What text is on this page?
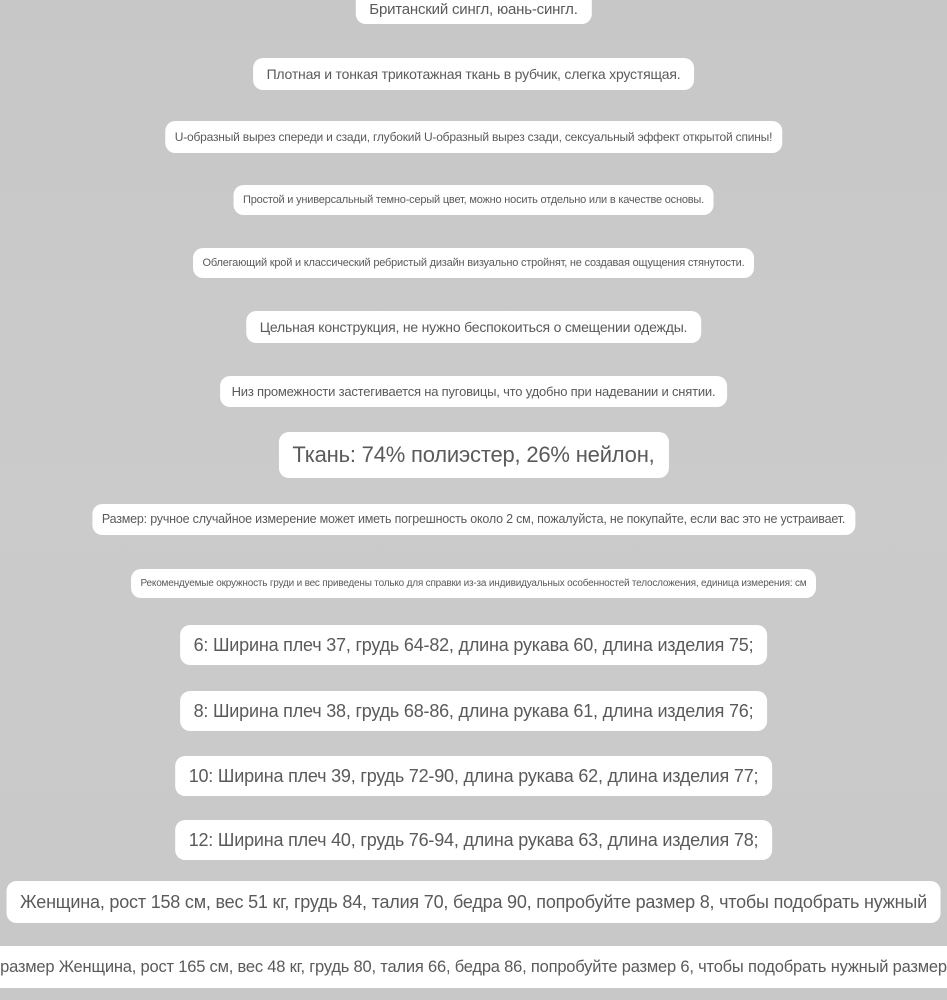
Британский сингл, юань-сингл.
Плотная и тонкая трикотажная ткань в рубчик, слегка хрустящая.
U-образный вырез спереди и сзади, глубокий U-образный вырез сзади, сексуальный эффект открытой спины!
Простой и универсальный темно-серый цвет, можно носить отдельно или в качестве основы.
Облегающий крой и классический ребристый дизайн визуально стройнят, не создавая ощущения стянутости.
Цельная конструкция, не нужно беспокоиться о смещении одежды.
Низ промежности застегивается на пуговицы, что удобно при надевании и снятии.
Ткань: 74% полиэстер, 26% нейлон,
Размер: ручное случайное измерение может иметь погрешность около 2 см, пожалуйста, не покупайте, если вас это не устраивает.
Рекомендуемые окружность груди и вес приведены только для справки из-за индивидуальных особенностей телосложения, единица измерения: см
6: Ширина плеч 37, грудь 64-82, длина рукава 60, длина изделия 75;
8: Ширина плеч 38, грудь 68-86, длина рукава 61, длина изделия 76;
10: Ширина плеч 39, грудь 72-90, длина рукава 62, длина изделия 77;
12: Ширина плеч 40, грудь 76-94, длина рукава 63, длина изделия 78;
Женщина, рост 158 см, вес 51 кг, грудь 84, талия 70, бедра 90, попробуйте размер 8, чтобы подобрать нужный
размер Женщина, рост 165 см, вес 48 кг, грудь 80, талия 66, бедра 86, попробуйте размер 6, чтобы подобрать нужный размер
